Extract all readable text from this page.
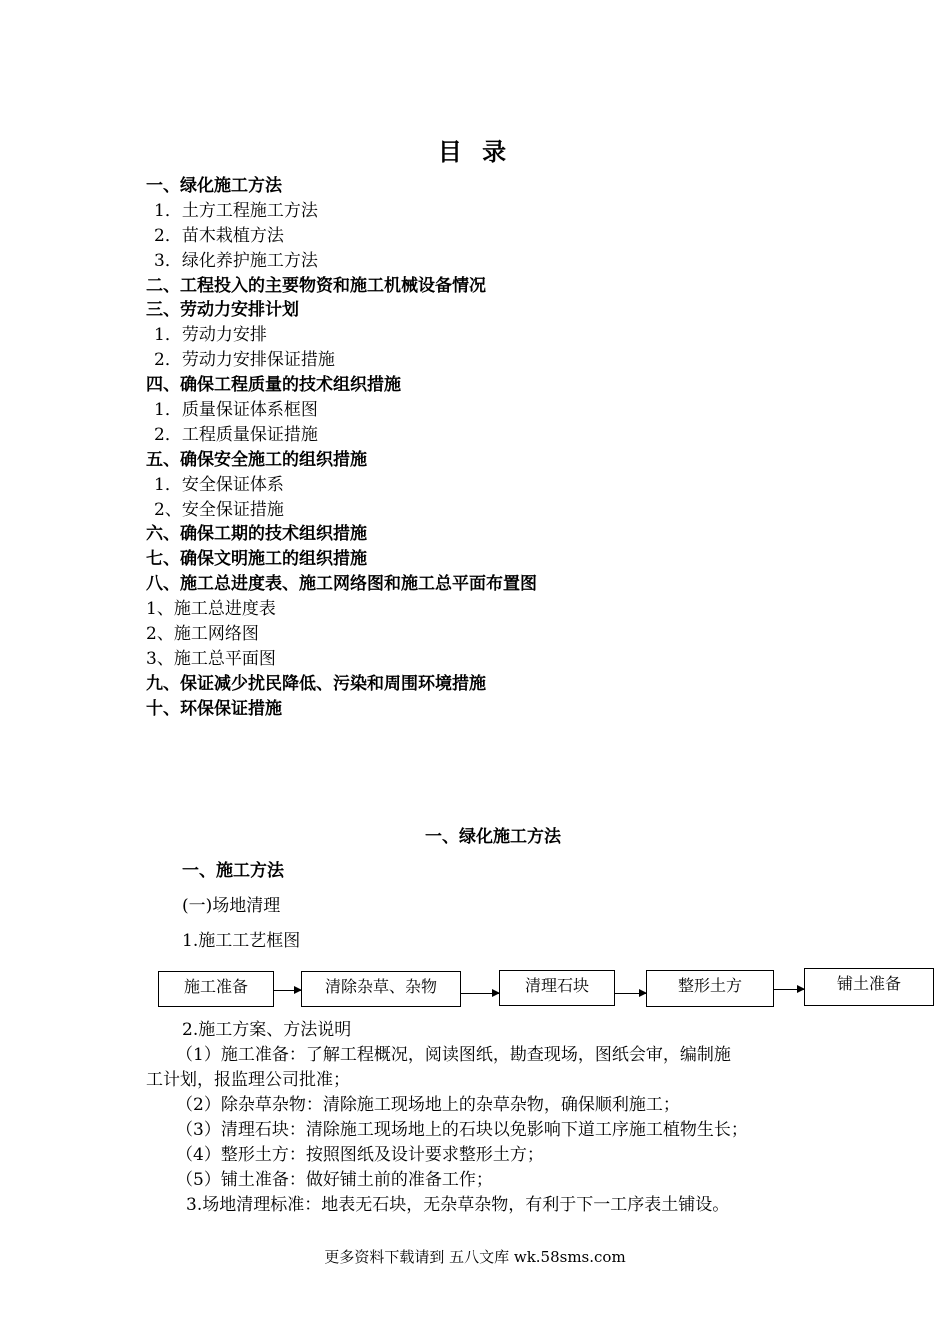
目 录
一、绿化施工方法
1．土方工程施工方法
2．苗木栽植方法
3．绿化养护施工方法
二、工程投入的主要物资和施工机械设备情况
三、劳动力安排计划
1．劳动力安排
2．劳动力安排保证措施
四、确保工程质量的技术组织措施
1．质量保证体系框图
2．工程质量保证措施
五、确保安全施工的组织措施
1．安全保证体系
2、安全保证措施
六、确保工期的技术组织措施
七、确保文明施工的组织措施
八、施工总进度表、施工网络图和施工总平面布置图
1、施工总进度表
2、施工网络图
3、施工总平面图
九、保证减少扰民降低、污染和周围环境措施
十、环保保证措施
一、绿化施工方法
一、施工方法
(一)场地清理
1.施工工艺框图
施工准备	清除杂草、杂物	清理石块	整形土方	铺土准备
2.施工方案、方法说明
（1）施工准备：了解工程概况，阅读图纸，勘查现场，图纸会审，编制施
工计划，报监理公司批准；
（2）除杂草杂物：清除施工现场地上的杂草杂物，确保顺利施工；
（3）清理石块：清除施工现场地上的石块以免影响下道工序施工植物生长；
（4）整形土方：按照图纸及设计要求整形土方；
（5）铺土准备：做好铺土前的准备工作；
3.场地清理标准：地表无石块，无杂草杂物，有利于下一工序表土铺设。
更多资料下载请到 五八文库 wk.58sms.com
